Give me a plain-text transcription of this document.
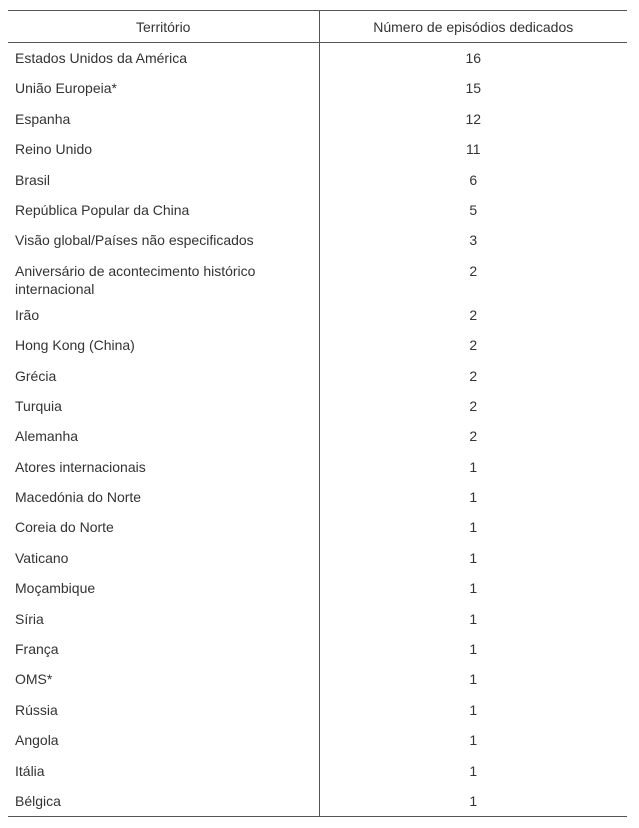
Território	Número de episódios dedicados

Estados Unidos da América	16

União Europeia*	15

Espanha	12

Reino Unido	11

Brasil	6

República Popular da China	5

Visão global/Países não especificados	3

Aniversário de acontecimento histórico internacional	2

Irão	2

Hong Kong (China)	2

Grécia	2

Turquia	2

Alemanha	2

Atores internacionais	1

Macedónia do Norte	1

Coreia do Norte	1

Vaticano	1

Moçambique	1

Síria	1

França	1

OMS*	1

Rússia	1

Angola	1

Itália	1

Bélgica	1
